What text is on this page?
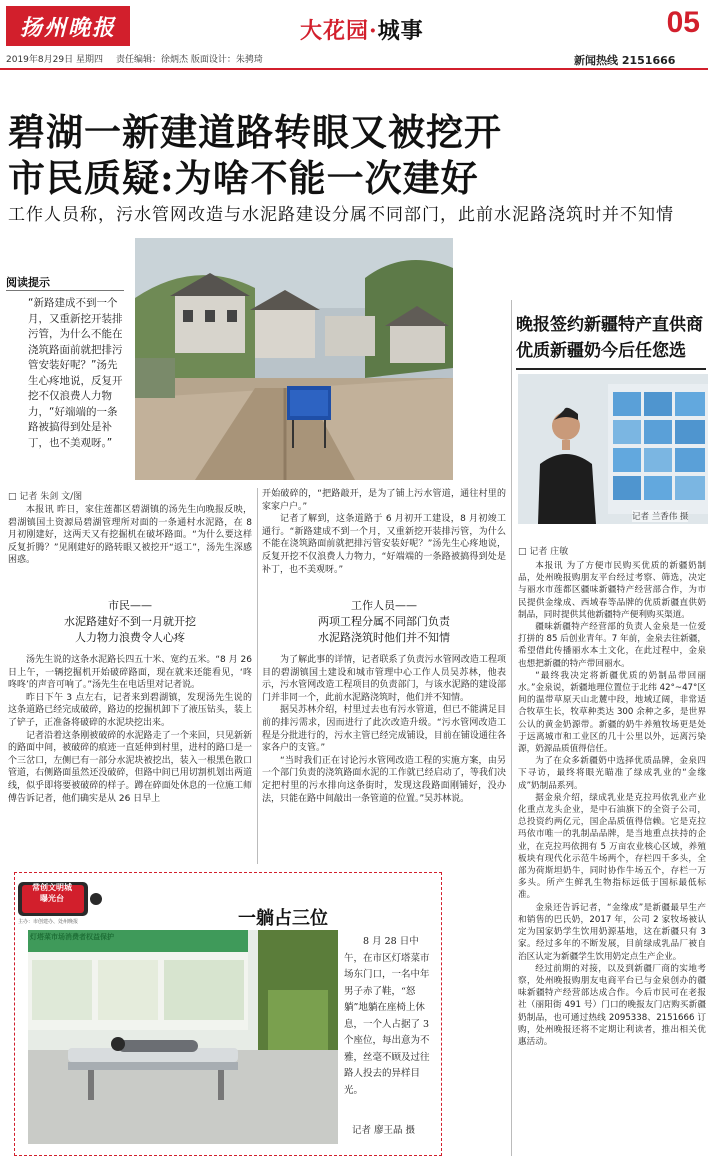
扬州晚报	大花园·城事	05
2019年8月29日 星期四 责任编辑：徐炳杰 版面设计：朱骋琦	新闻热线 2151666
碧湖一新建道路转眼又被挖开
市民质疑:为啥不能一次建好
工作人员称，污水管网改造与水泥路建设分属不同部门，此前水泥路浇筑时并不知情
阅读提示
“新路建成不到一个月，又重新挖开装排污管，为什么不能在浇筑路面前就把排污管安装好呢？”汤先生心疼地说，反复开挖不仅浪费人力物力，“好端端的一条路被搞得到处是补丁，也不美观呀。”
□ 记者 朱剑 文/图

本报讯 昨日，家住莲都区碧湖镇的汤先生向晚报反映，碧湖镇国土资源局碧湖管理所对面的一条通村水泥路，在 8 月初刚建好，这两天又有挖掘机在破坏路面。“为什么要这样反复折腾？”见刚建好的路转眼又被挖开“返工”，汤先生深感困惑。

市民——
水泥路建好不到一月就开挖
人力物力浪费令人心疼

汤先生说的这条水泥路长四五十米、宽约五米。“8 月 26 日上午，一辆挖掘机开始破碎路面，现在就来还能看见，‘咚咚咚’的声音可响了。”汤先生在电话里对记者说。

昨日下午 3 点左右，记者来到碧湖镇，发现汤先生说的这条道路已经完成破碎，路边的挖掘机卸下了液压钻头，装上了铲子，正准备将破碎的水泥块挖出来。

记者沿着这条刚被破碎的水泥路走了一个来回，只见新新的路面中间，被破碎的痕迹一直延伸到村里，进村的路口是一个三岔口，左侧已有一部分水泥块被挖出，装入一根黑色散口管道，右侧路面虽然还没破碎，但路中间已用切割机划出两道线，似乎即将要被破碎的样子。蹲在碎面处休息的一位施工师傅告诉记者，他们确实是从 26 日早上

开始破碎的，“把路敲开，是为了铺上污水管道，通往村里的家家户户。”

记者了解到，这条道路于 6 月初开工建设，8 月初竣工通行。“新路建成不到一个月，又重新挖开装排污管，为什么不能在浇筑路面前就把排污管安装好呢？”汤先生心疼地说，反复开挖不仅浪费人力物力，“好端端的一条路被搞得到处是补丁，也不美观呀。”

工作人员——
两项工程分属不同部门负责
水泥路浇筑时他们并不知情

为了解此事的详情，记者联系了负责污水管网改造工程项目的碧湖镇国土建设和城市管理中心工作人员吴苏林，他表示，污水管网改造工程项目的负责部门，与该水泥路的建设部门并非同一个，此前水泥路浇筑时，他们并不知情。

据吴苏林介绍，村里过去也有污水管道，但已不能满足目前的排污需求，因而进行了此次改造升级。“污水管网改造工程是分批进行的，污水主管已经完成铺设，目前在铺设通往各家各户的支管。”

“当时我们正在讨论污水管网改造工程的实施方案，由另一个部门负责的浇筑路面水泥的工作就已经启动了，等我们决定把村里的污水排向这条街时，发现这段路面刚铺好，没办法，只能在路中间敲出一条管道的位置。”吴苏林说。

晚报签约新疆特产直供商
优质新疆奶今后任您选
记者 兰香伟 摄
□ 记者 庄敏

本报讯 为了方便市民购买优质的新疆奶制品，处州晚报购朋友平台经过考察、筛选，决定与丽水市莲都区疆味新疆特产经营部合作，为市民提供金缘成、西域春等品牌的优质新疆直供奶制品，同时提供其他新疆特产便利购买渠道。

疆味新疆特产经营部的负责人金泉是一位爱打拼的 85 后创业青年。7 年前，金泉去往新疆，希望借此传播丽水本土文化，在此过程中，金泉也想把新疆的特产带回丽水。

“最终我决定将新疆优质的奶制品带回丽水。”金泉说，新疆地理位置位于北纬 42°~47°区间的温带草原天山北麓中段，地域辽阔，非常适合牧草生长，牧草种类达 300 余种之多，是世界公认的黄金奶源带。新疆的奶牛养殖牧场更是处于远离城市和工业区的几十公里以外，远离污染源，奶源品质值得信任。

为了在众多新疆奶中选择优质品牌，金泉四下寻访，最终将眼光瞄准了绿成乳业的“金缘成”奶制品系列。

据金泉介绍，绿成乳业是克拉玛依乳业产业化重点龙头企业，是中石油旗下的全资子公司，总投资约两亿元，国企品质值得信赖。它是克拉玛依市唯一的乳制品品牌，是当地重点扶持的企业，在克拉玛依拥有 5 万亩农业核心区域，养殖板块有现代化示范牛场两个，存栏四千多头，全部为荷斯坦奶牛，同时协作牛场五个，存栏一万多头。所产生鲜乳生物指标远低于国标最低标准。

金泉还告诉记者，“金缘成”是新疆最早生产和销售的巴氏奶，2017 年，公司 2 家牧场被认定为国家奶学生饮用奶源基地，这在新疆只有 3 家。经过多年的不断发展，目前绿成乳品厂被自治区认定为新疆学生饮用奶定点生产企业。

经过前期的对接，以及到新疆厂商的实地考察，处州晚报购朋友电商平台已与金泉创办的疆味新疆特产经营部达成合作。今后市民可在老报社（丽阳街 491 号）门口的晚报友门店购买新疆奶制品，也可通过热线 2095338、2151666 订购，处州晚报还将不定期让利读者，推出相关优惠活动。

常创文明城
曝光台
主办：市创建办、处州晚报	一躺占三位
灯塔菜市场消费者权益保护	8 月 28 日中午，在市区灯塔菜市场东门口，一名中年男子赤了鞋，“怒躺”地躺在座椅上休息，一个人占据了 3 个座位，每出意为不雅，丝毫不顾及过往路人投去的异样目光。
记者 廖王晶 摄
